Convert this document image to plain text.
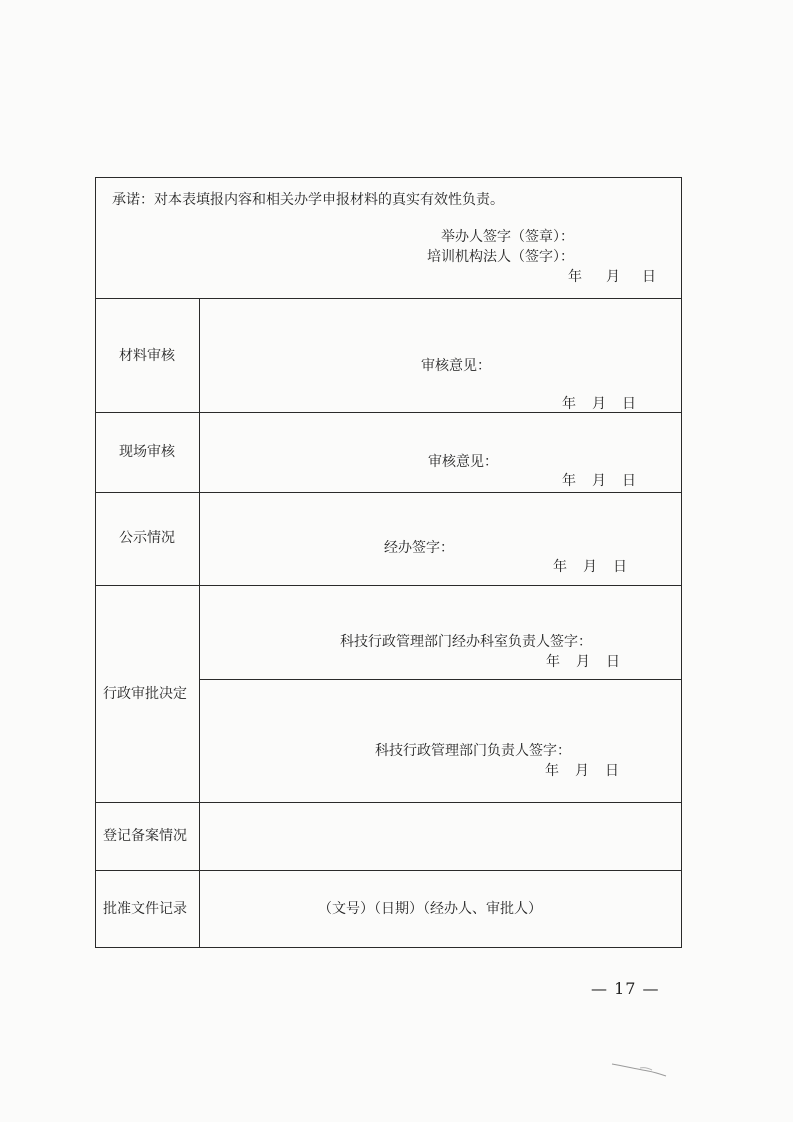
承诺：对本表填报内容和相关办学申报材料的真实有效性负责。
举办人签字（签章）：
培训机构法人（签字）：
年 月 日
材料审核
审核意见：
年 月 日
现场审核
审核意见：
年 月 日
公示情况
经办签字：
年 月 日
行政审批决定
科技行政管理部门经办科室负责人签字：
年 月 日
科技行政管理部门负责人签字：
年 月 日
登记备案情况
批准文件记录	（文号）（日期）（经办人、审批人）
— 17 —
